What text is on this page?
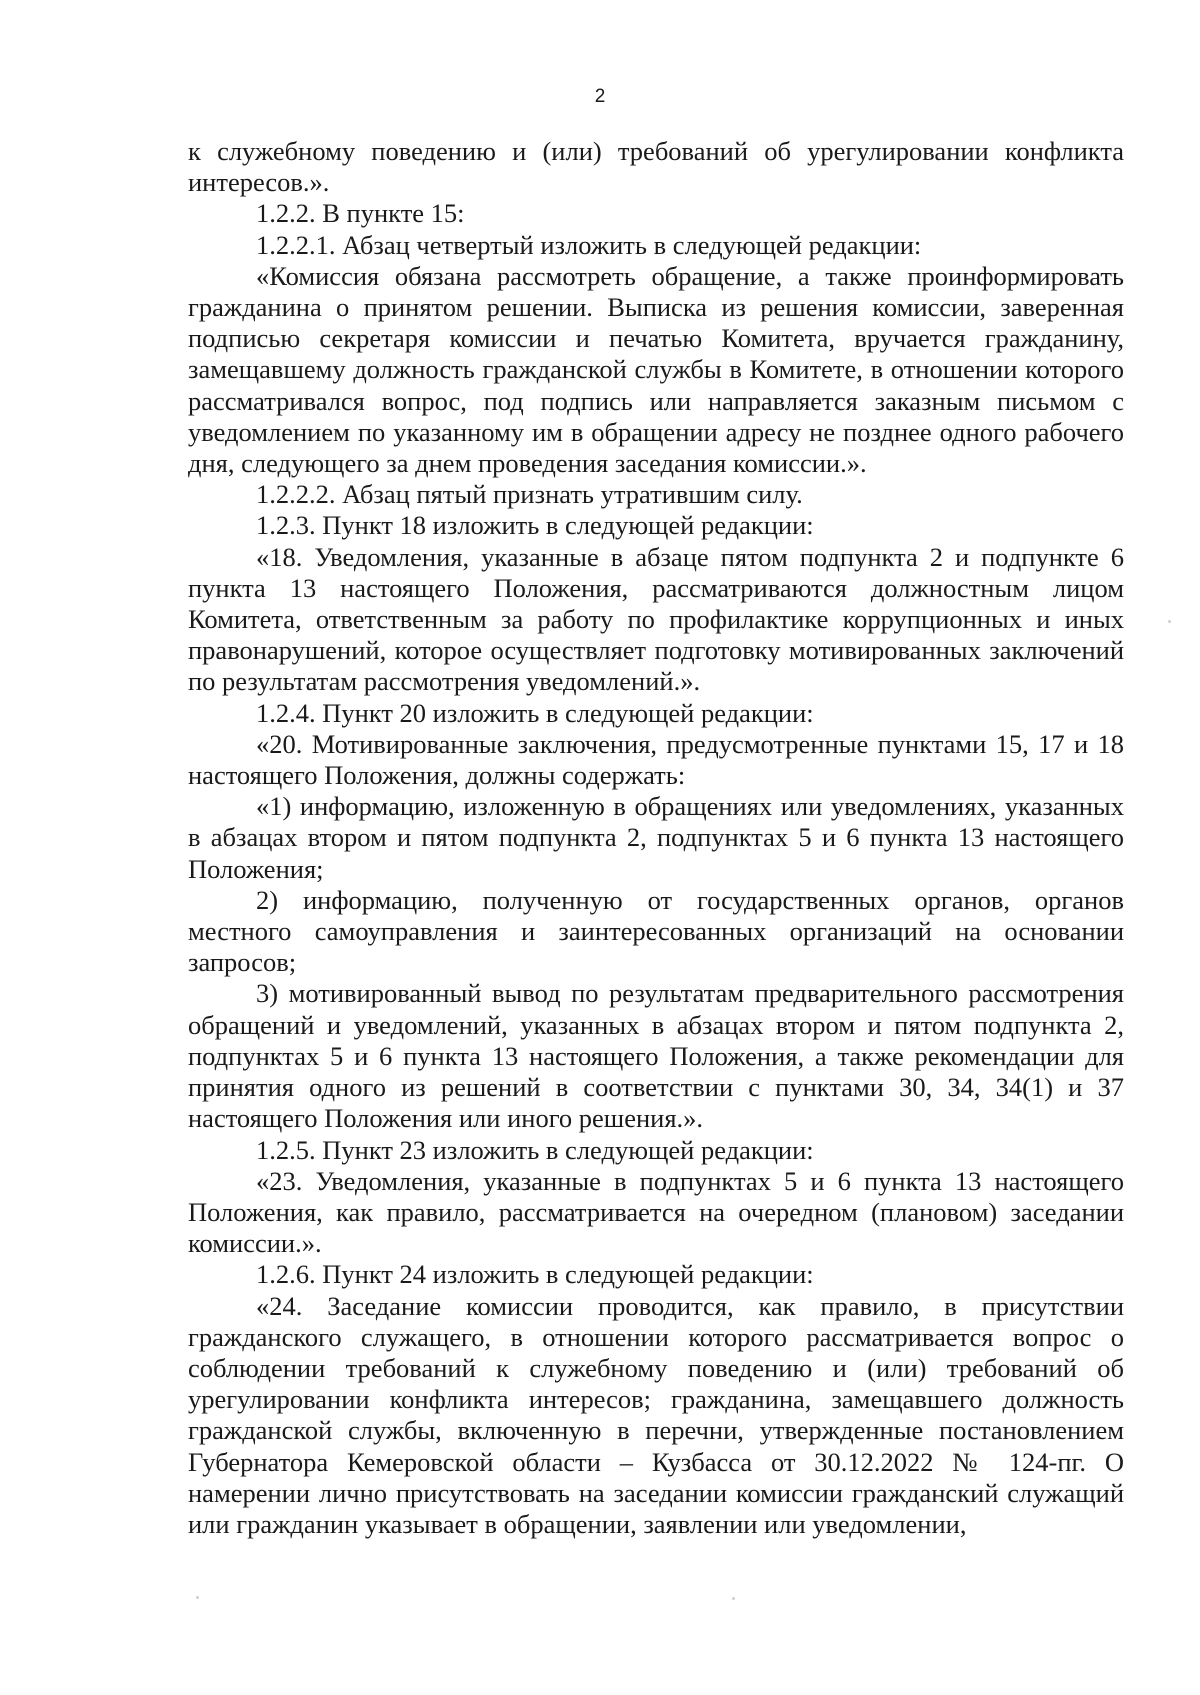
2

к служебному поведению и (или) требований об урегулировании конфликта интересов.».

1.2.2. В пункте 15:

1.2.2.1. Абзац четвертый изложить в следующей редакции:

«Комиссия обязана рассмотреть обращение, а также проинформировать гражданина о принятом решении. Выписка из решения комиссии, заверенная подписью секретаря комиссии и печатью Комитета, вручается гражданину, замещавшему должность гражданской службы в Комитете, в отношении которого рассматривался вопрос, под подпись или направляется заказным письмом с уведомлением по указанному им в обращении адресу не позднее одного рабочего дня, следующего за днем проведения заседания комиссии.».

1.2.2.2. Абзац пятый признать утратившим силу.

1.2.3. Пункт 18 изложить в следующей редакции:

«18. Уведомления, указанные в абзаце пятом подпункта 2 и подпункте 6 пункта 13 настоящего Положения, рассматриваются должностным лицом Комитета, ответственным за работу по профилактике коррупционных и иных правонарушений, которое осуществляет подготовку мотивированных заключений по результатам рассмотрения уведомлений.».

1.2.4. Пункт 20 изложить в следующей редакции:

«20. Мотивированные заключения, предусмотренные пунктами 15, 17 и 18 настоящего Положения, должны содержать:

«1) информацию, изложенную в обращениях или уведомлениях, указанных в абзацах втором и пятом подпункта 2, подпунктах 5 и 6 пункта 13 настоящего Положения;

2) информацию, полученную от государственных органов, органов местного самоуправления и заинтересованных организаций на основании запросов;

3) мотивированный вывод по результатам предварительного рассмотрения обращений и уведомлений, указанных в абзацах втором и пятом подпункта 2, подпунктах 5 и 6 пункта 13 настоящего Положения, а также рекомендации для принятия одного из решений в соответствии с пунктами 30, 34, 34(1) и 37 настоящего Положения или иного решения.».

1.2.5. Пункт 23 изложить в следующей редакции:

«23. Уведомления, указанные в подпунктах 5 и 6 пункта 13 настоящего Положения, как правило, рассматривается на очередном (плановом) заседании комиссии.».

1.2.6. Пункт 24 изложить в следующей редакции:

«24. Заседание комиссии проводится, как правило, в присутствии гражданского служащего, в отношении которого рассматривается вопрос о соблюдении требований к служебному поведению и (или) требований об урегулировании конфликта интересов; гражданина, замещавшего должность гражданской службы, включенную в перечни, утвержденные постановлением Губернатора Кемеровской области – Кузбасса от 30.12.2022 № 124-пг. О намерении лично присутствовать на заседании комиссии гражданский служащий или гражданин указывает в обращении, заявлении или уведомлении,
